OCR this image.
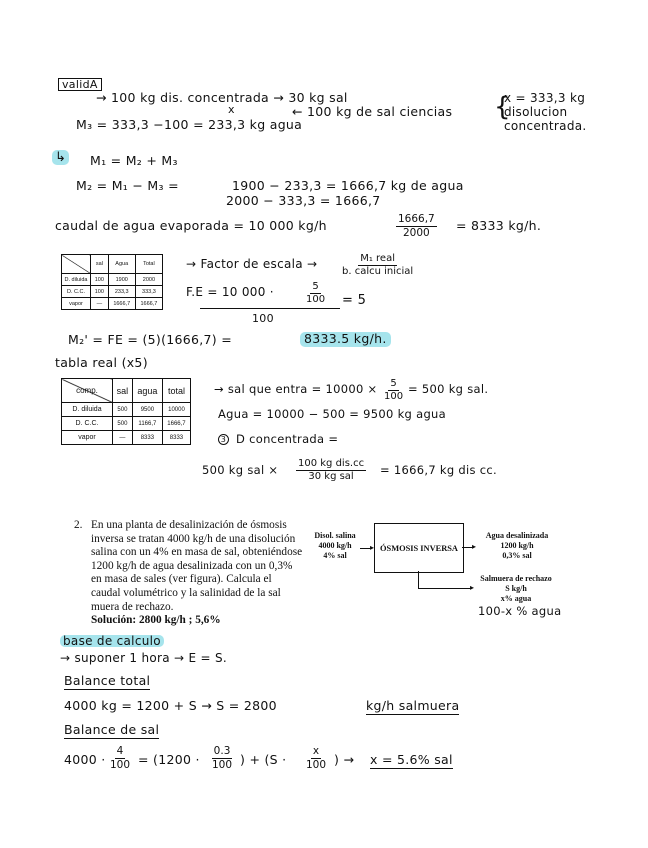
validA
→ 100 kg dis. concentrada → 30 kg sal
x	← 100 kg de sal ciencias
M₃ = 333,3 −100 = 233,3 kg agua
x = 333,3 kg
disolucion
concentrada.
{
↳ M₁ = M₂ + M₃
M₂ = M₁ − M₃ =	1900 − 233,3 = 1666,7 kg de agua
2000 − 333,3 = 1666,7
caudal de agua evaporada = 10 000 kg/h	$\frac{1666,7}{2000} = 8333$ kg/h.
	sal	Agua	Total
D. diluida	100	1900	2000
D. C.C.	100	233,3	333,3
vapor	—	1666,7	1666,7
→ Factor de escala →	M₁ real
b. calcu inicial
F.E = 10 000 ·	$\frac{5}{100}$
100
= 5
M₂' = FE = (5)(1666,7) =	8333.5 kg/h.
tabla real (x5)
comp.	sal	agua	total
D. diluida	500	9500	10000
D. C.C.	500	1166,7	1666,7
vapor	—	8333	8333
→ sal que entra = $10000 \times \frac{5}{100} = 500$ kg sal.
Agua = 10000 − 500 = 9500 kg agua
3 D concentrada =
500 kg sal × 100 kg dis.cc
30 kg sal = 1666,7 kg dis cc.
2. En una planta de desalinización de ósmosis
inversa se tratan 4000 kg/h de una disolución
salina con un 4% en masa de sal, obteniéndose
1200 kg/h de agua desalinizada con un 0,3%
en masa de sales (ver figura). Calcula el
caudal volumétrico y la salinidad de la sal
muera de rechazo.
Solución: 2800 kg/h ; 5,6%
Disol. salina
4000 kg/h
4% sal
▸ ÓSMOSIS INVERSA	▸
Agua desalinizada
1200 kg/h
0,3% sal
▸
Salmuera de rechazo
S kg/h
x% agua
100-x % agua
base de calculo
→ suponer 1 hora → E = S.
Balance total
4000 kg = 1200 + S → S = 2800	kg/h salmuera
Balance de sal
$4000 \cdot \frac{4}{100} = (1200 \cdot \frac{0.3}{100}$ ) + ($S \cdot \frac{x}{100}$ ) → x = 5.6% sal
